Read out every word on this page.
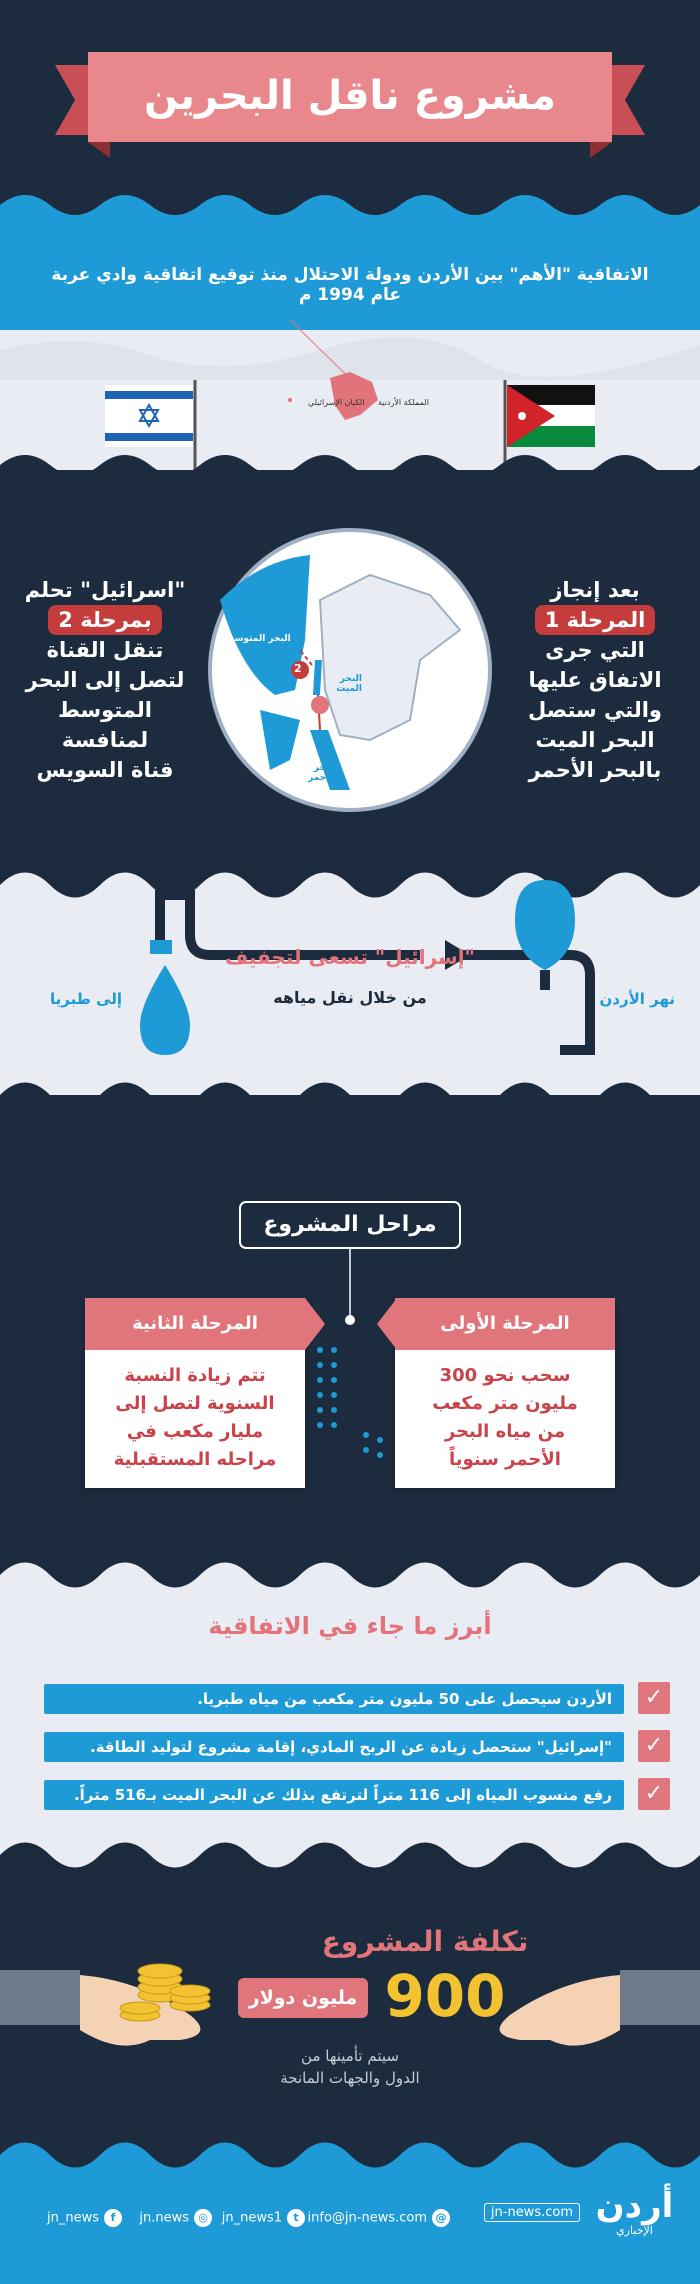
مشروع ناقل البحرين
الاتفاقية "الأهم" بين الأردن ودولة الاحتلال منذ توقيع اتفاقية وادي عربة عام 1994 م
الكيان الإسرائيلي المملكة الأردنية
1
2
البحر المتوسط
البحر الميت
البحر الأحمر
بعد إنجاز
المرحلة 1
التي جرى
الاتفاق عليها
والتي ستصل
البحر الميت
بالبحر الأحمر
"اسرائيل" تحلم
بمرحلة 2
تنقل القناة
لتصل إلى البحر
المتوسط
لمنافسة
قناة السويس
"إسرائيل" تسعى لتجفيف
من خلال نقل مياهه	نهر الأردن
إلى طبريا
مراحل المشروع
المرحلة الأولى
سحب نحو 300
مليون متر مكعب
من مياه البحر
الأحمر سنوياً
المرحلة الثانية
تتم زيادة النسبة
السنوية لتصل إلى
مليار مكعب في
مراحله المستقبلية
أبرز ما جاء في الاتفاقية
✓
الأردن سيحصل على 50 مليون متر مكعب من مياه طبريا.
✓
"إسرائيل" ستحصل زيادة عن الربح المادي، إقامة مشروع لتوليد الطاقة.
✓
رفع منسوب المياه إلى 116 متراً لترتفع بذلك عن البحر الميت بـ516 متراً.
تكلفة المشروع
900
مليون دولار
سيتم تأمينها من
الدول والجهات المانحة
أردن
الإخباري
jn-news.com
@info@jn-news.com
tjn_news1
◎jn.news
fjn_news
